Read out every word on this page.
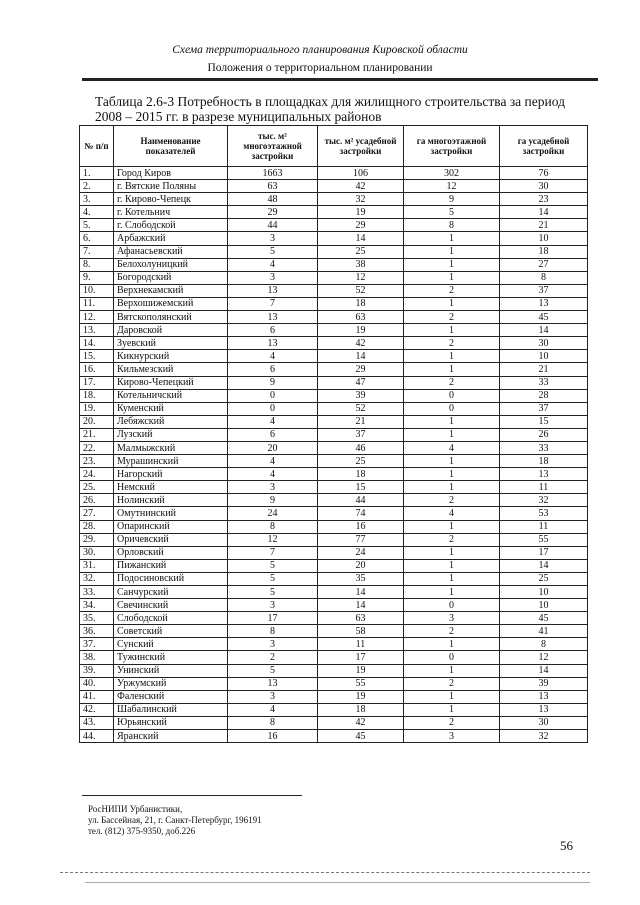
Схема территориального планирования Кировской области
Положения о территориальном планировании
Таблица 2.6-3 Потребность в площадках для жилищного строительства за период 2008 – 2015 гг. в разрезе муниципальных районов
№ п/п	Наименование показателей	тыс. м² многоэтажной застройки	тыс. м² усадебной застройки	га многоэтажной застройки	га усадебной застройки
1.	Город Киров	1663	106	302	76
2.	г. Вятские Поляны	63	42	12	30
3.	г. Кирово-Чепецк	48	32	9	23
4.	г. Котельнич	29	19	5	14
5.	г. Слободской	44	29	8	21
6.	Арбажский	3	14	1	10
7.	Афанасьевский	5	25	1	18
8.	Белохолуницкий	4	38	1	27
9.	Богородский	3	12	1	8
10.	Верхнекамский	13	52	2	37
11.	Верхошижемский	7	18	1	13
12.	Вятскополянский	13	63	2	45
13.	Даровской	6	19	1	14
14.	Зуевский	13	42	2	30
15.	Кикнурский	4	14	1	10
16.	Кильмезский	6	29	1	21
17.	Кирово-Чепецкий	9	47	2	33
18.	Котельничский	0	39	0	28
19.	Куменский	0	52	0	37
20.	Лебяжский	4	21	1	15
21.	Лузский	6	37	1	26
22.	Малмыжский	20	46	4	33
23.	Мурашинский	4	25	1	18
24.	Нагорский	4	18	1	13
25.	Немский	3	15	1	11
26.	Нолинский	9	44	2	32
27.	Омутнинский	24	74	4	53
28.	Опаринский	8	16	1	11
29.	Оричевский	12	77	2	55
30.	Орловский	7	24	1	17
31.	Пижанский	5	20	1	14
32.	Подосиновский	5	35	1	25
33.	Санчурский	5	14	1	10
34.	Свечинский	3	14	0	10
35.	Слободской	17	63	3	45
36.	Советский	8	58	2	41
37.	Сунский	3	11	1	8
38.	Тужинский	2	17	0	12
39.	Унинский	5	19	1	14
40.	Уржумский	13	55	2	39
41.	Фаленский	3	19	1	13
42.	Шабалинский	4	18	1	13
43.	Юрьянский	8	42	2	30
44.	Яранский	16	45	3	32
РосНИПИ Урбанистики,
ул. Бассейная, 21, г. Санкт-Петербург, 196191
тел. (812) 375-9350, доб.226
56
